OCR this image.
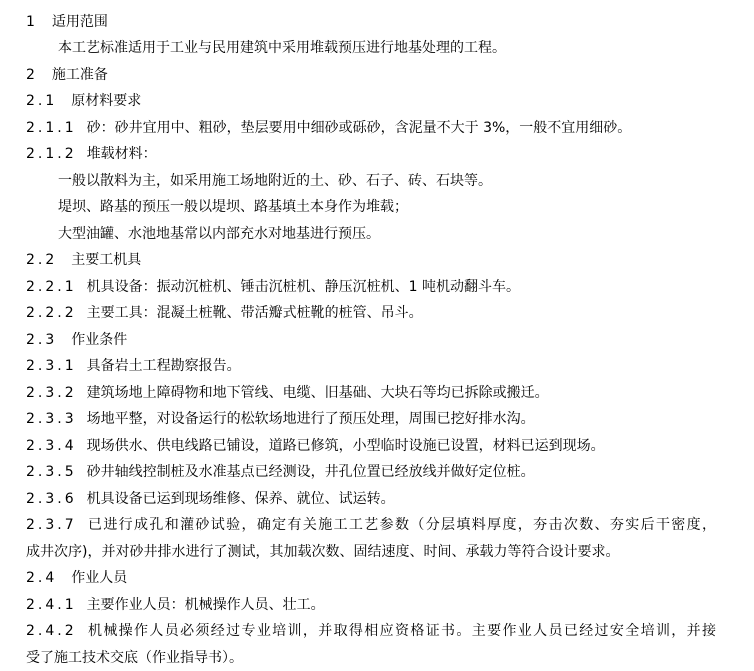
1 适用范围
本工艺标准适用于工业与民用建筑中采用堆载预压进行地基处理的工程。
2 施工准备
2.1 原材料要求
2.1.1 砂：砂井宜用中、粗砂，垫层要用中细砂或砾砂，含泥量不大于 3%，一般不宜用细砂。
2.1.2 堆载材料：
一般以散料为主，如采用施工场地附近的土、砂、石子、砖、石块等。
堤坝、路基的预压一般以堤坝、路基填土本身作为堆载；
大型油罐、水池地基常以内部充水对地基进行预压。
2.2 主要工机具
2.2.1 机具设备：振动沉桩机、锤击沉桩机、静压沉桩机、1 吨机动翻斗车。
2.2.2 主要工具：混凝土桩靴、带活瓣式桩靴的桩管、吊斗。
2.3 作业条件
2.3.1 具备岩土工程勘察报告。
2.3.2 建筑场地上障碍物和地下管线、电缆、旧基础、大块石等均已拆除或搬迁。
2.3.3 场地平整，对设备运行的松软场地进行了预压处理，周围已挖好排水沟。
2.3.4 现场供水、供电线路已铺设，道路已修筑，小型临时设施已设置，材料已运到现场。
2.3.5 砂井轴线控制桩及水准基点已经测设，井孔位置已经放线并做好定位桩。
2.3.6 机具设备已运到现场维修、保养、就位、试运转。
2.3.7 已进行成孔和灌砂试验，确定有关施工工艺参数（分层填料厚度，夯击次数、夯实后干密度，
成井次序)，并对砂井排水进行了测试，其加载次数、固结速度、时间、承载力等符合设计要求。
2.4 作业人员
2.4.1 主要作业人员：机械操作人员、壮工。
2.4.2 机械操作人员必须经过专业培训，并取得相应资格证书。主要作业人员已经过安全培训，并接
受了施工技术交底（作业指导书）。
